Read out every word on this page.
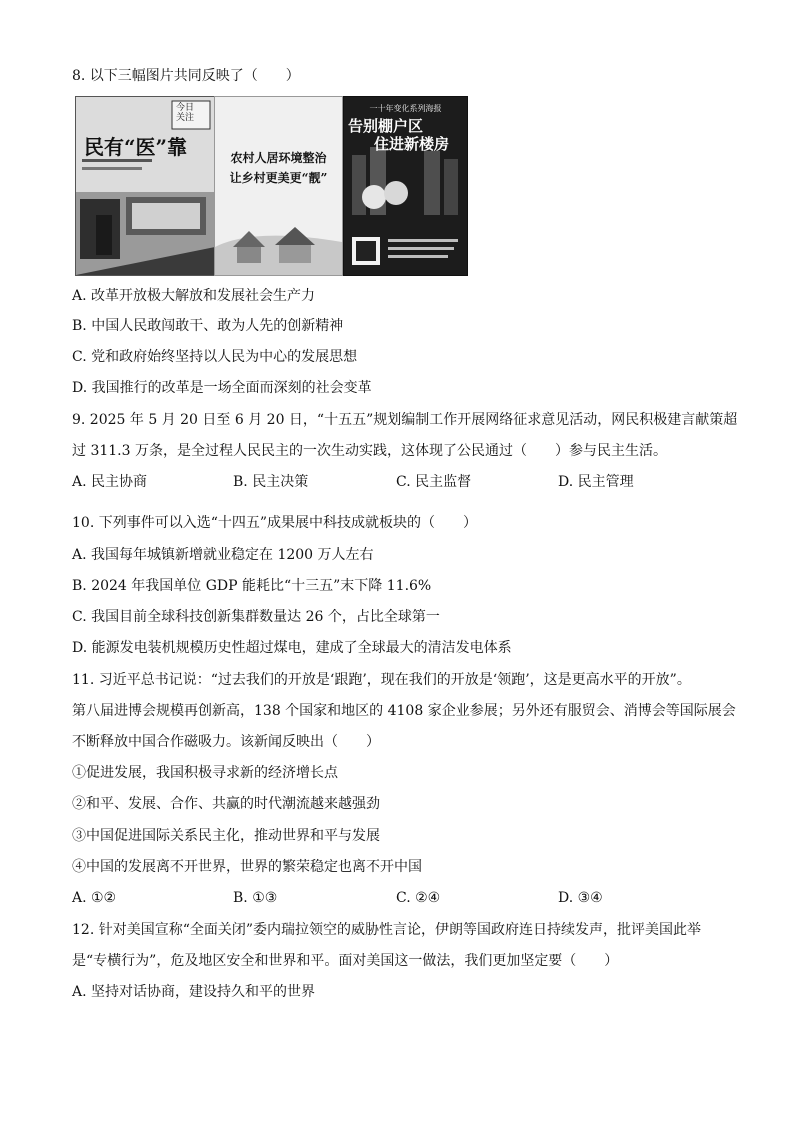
8. 以下三幅图片共同反映了（　　）
今日
关注
民有“医”靠	农村人居环境整治
让乡村更美更“靓”
一十年变化系列海报
告别棚户区
住进新楼房
A. 改革开放极大解放和发展社会生产力
B. 中国人民敢闯敢干、敢为人先的创新精神
C. 党和政府始终坚持以人民为中心的发展思想
D. 我国推行的改革是一场全面而深刻的社会变革
9. 2025 年 5 月 20 日至 6 月 20 日，“十五五”规划编制工作开展网络征求意见活动，网民积极建言献策超
过 311.3 万条，是全过程人民民主的一次生动实践，这体现了公民通过（　　）参与民主生活。
A. 民主协商	B. 民主决策	C. 民主监督	D. 民主管理
10. 下列事件可以入选“十四五”成果展中科技成就板块的（　　）
A. 我国每年城镇新增就业稳定在 1200 万人左右
B. 2024 年我国单位 GDP 能耗比“十三五”末下降 11.6%
C. 我国目前全球科技创新集群数量达 26 个，占比全球第一
D. 能源发电装机规模历史性超过煤电，建成了全球最大的清洁发电体系
11. 习近平总书记说：“过去我们的开放是‘跟跑’，现在我们的开放是‘领跑’，这是更高水平的开放”。
第八届进博会规模再创新高，138 个国家和地区的 4108 家企业参展；另外还有服贸会、消博会等国际展会
不断释放中国合作磁吸力。该新闻反映出（　　）
①促进发展，我国积极寻求新的经济增长点
②和平、发展、合作、共赢的时代潮流越来越强劲
③中国促进国际关系民主化，推动世界和平与发展
④中国的发展离不开世界，世界的繁荣稳定也离不开中国
A. ①②	B. ①③	C. ②④	D. ③④
12. 针对美国宣称“全面关闭”委内瑞拉领空的威胁性言论，伊朗等国政府连日持续发声，批评美国此举
是“专横行为”，危及地区安全和世界和平。面对美国这一做法，我们更加坚定要（　　）
A. 坚持对话协商，建设持久和平的世界
